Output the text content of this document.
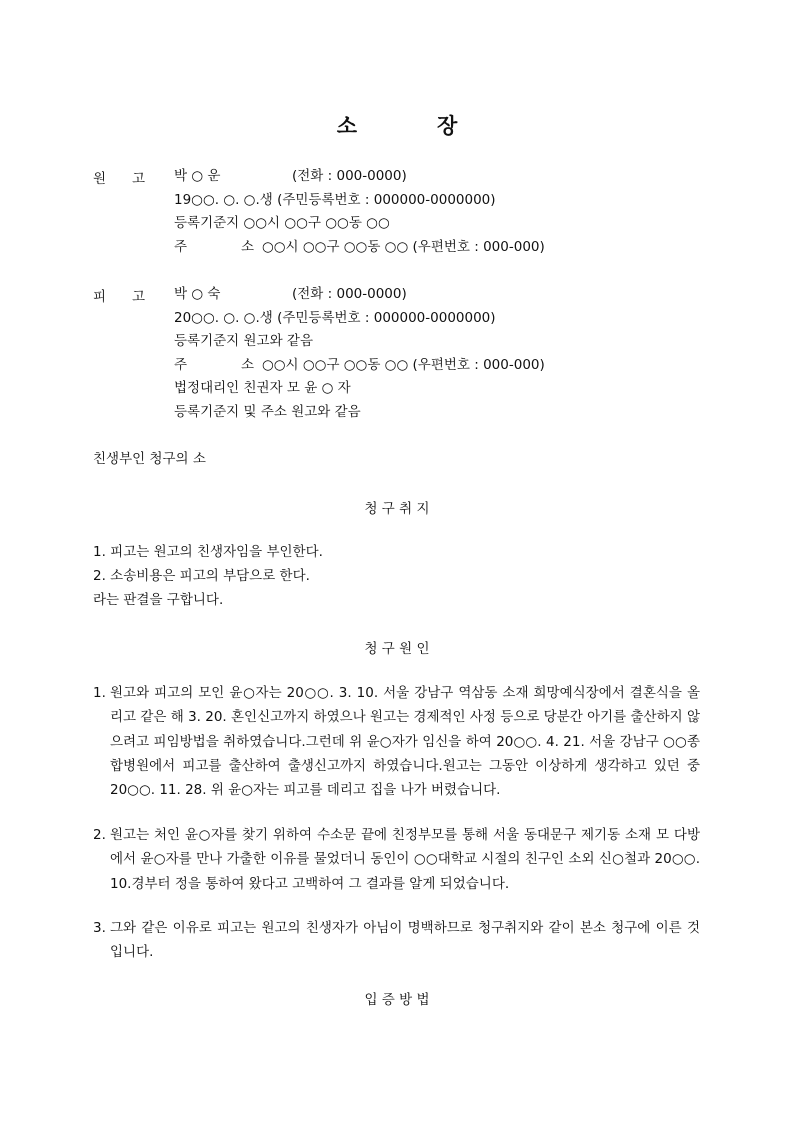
소	장
원 고 박 ○ 운	(전화 : 000-0000)
19○○. ○. ○.생 (주민등록번호 : 000000-0000000)
등록기준지 ○○시 ○○구 ○○동 ○○
주	소 ○○시 ○○구 ○○동 ○○ (우편번호 : 000-000)
피 고 박 ○ 숙	(전화 : 000-0000)
20○○. ○. ○.생 (주민등록번호 : 000000-0000000)
등록기준지 원고와 같음
주	소 ○○시 ○○구 ○○동 ○○ (우편번호 : 000-000)
법정대리인 친권자 모 윤 ○ 자
등록기준지 및 주소 원고와 같음
친생부인 청구의 소
청 구 취 지
1. 피고는 원고의 친생자임을 부인한다.
2. 소송비용은 피고의 부담으로 한다.
라는 판결을 구합니다.
청 구 원 인
1. 원고와 피고의 모인 윤○자는 20○○. 3. 10. 서울 강남구 역삼동 소재 희망예식장에서 결혼식을 올리고 같은 해 3. 20. 혼인신고까지 하였으나 원고는 경제적인 사정 등으로 당분간 아기를 출산하지 않으려고 피임방법을 취하였습니다.그런데 위 윤○자가 임신을 하여 20○○. 4. 21. 서울 강남구 ○○종합병원에서 피고를 출산하여 출생신고까지 하였습니다.원고는 그동안 이상하게 생각하고 있던 중 20○○. 11. 28. 위 윤○자는 피고를 데리고 집을 나가 버렸습니다.
2. 원고는 처인 윤○자를 찾기 위하여 수소문 끝에 친정부모를 통해 서울 동대문구 제기동 소재 모 다방에서 윤○자를 만나 가출한 이유를 물었더니 동인이 ○○대학교 시절의 친구인 소외 신○철과 20○○. 10.경부터 정을 통하여 왔다고 고백하여 그 결과를 알게 되었습니다.
3. 그와 같은 이유로 피고는 원고의 친생자가 아님이 명백하므로 청구취지와 같이 본소 청구에 이른 것입니다.
입 증 방 법
